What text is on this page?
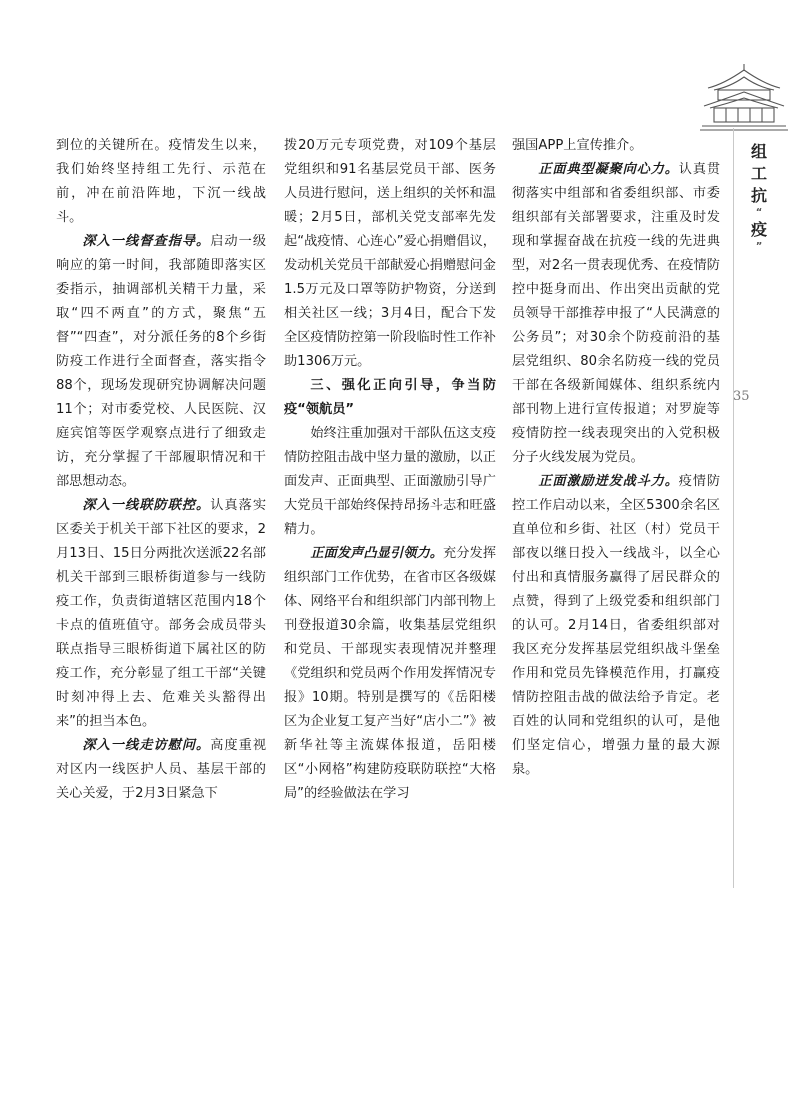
组
工
抗
“
疫
”
35

到位的关键所在。疫情发生以来，我们始终坚持组工先行、示范在前，冲在前沿阵地，下沉一线战斗。

深入一线督查指导。启动一级响应的第一时间，我部随即落实区委指示，抽调部机关精干力量，采取“四不两直”的方式，聚焦“五督”“四查”，对分派任务的8个乡街防疫工作进行全面督查，落实指令88个，现场发现研究协调解决问题11个；对市委党校、人民医院、汉庭宾馆等医学观察点进行了细致走访，充分掌握了干部履职情况和干部思想动态。

深入一线联防联控。认真落实区委关于机关干部下社区的要求，2月13日、15日分两批次送派22名部机关干部到三眼桥街道参与一线防疫工作，负责街道辖区范围内18个卡点的值班值守。部务会成员带头联点指导三眼桥街道下属社区的防疫工作，充分彰显了组工干部“关键时刻冲得上去、危难关头豁得出来”的担当本色。

深入一线走访慰问。高度重视对区内一线医护人员、基层干部的关心关爱，于2月3日紧急下

拨20万元专项党费，对109个基层党组织和91名基层党员干部、医务人员进行慰问，送上组织的关怀和温暖；2月5日，部机关党支部率先发起“战疫情、心连心”爱心捐赠倡议，发动机关党员干部献爱心捐赠慰问金1.5万元及口罩等防护物资，分送到相关社区一线；3月4日，配合下发全区疫情防控第一阶段临时性工作补助1306万元。

三、强化正向引导，争当防疫“领航员”

始终注重加强对干部队伍这支疫情防控阻击战中坚力量的激励，以正面发声、正面典型、正面激励引导广大党员干部始终保持昂扬斗志和旺盛精力。

正面发声凸显引领力。充分发挥组织部门工作优势，在省市区各级媒体、网络平台和组织部门内部刊物上刊登报道30余篇，收集基层党组织和党员、干部现实表现情况并整理《党组织和党员两个作用发挥情况专报》10期。特别是撰写的《岳阳楼区为企业复工复产当好“店小二”》被新华社等主流媒体报道，岳阳楼区“小网格”构建防疫联防联控“大格局”的经验做法在学习

强国APP上宣传推介。

正面典型凝聚向心力。认真贯彻落实中组部和省委组织部、市委组织部有关部署要求，注重及时发现和掌握奋战在抗疫一线的先进典型，对2名一贯表现优秀、在疫情防控中挺身而出、作出突出贡献的党员领导干部推荐申报了“人民满意的公务员”；对30余个防疫前沿的基层党组织、80余名防疫一线的党员干部在各级新闻媒体、组织系统内部刊物上进行宣传报道；对罗旋等疫情防控一线表现突出的入党积极分子火线发展为党员。

正面激励迸发战斗力。疫情防控工作启动以来，全区5300余名区直单位和乡街、社区（村）党员干部夜以继日投入一线战斗，以全心付出和真情服务赢得了居民群众的点赞，得到了上级党委和组织部门的认可。2月14日，省委组织部对我区充分发挥基层党组织战斗堡垒作用和党员先锋模范作用，打赢疫情防控阻击战的做法给予肯定。老百姓的认同和党组织的认可，是他们坚定信心，增强力量的最大源泉。
